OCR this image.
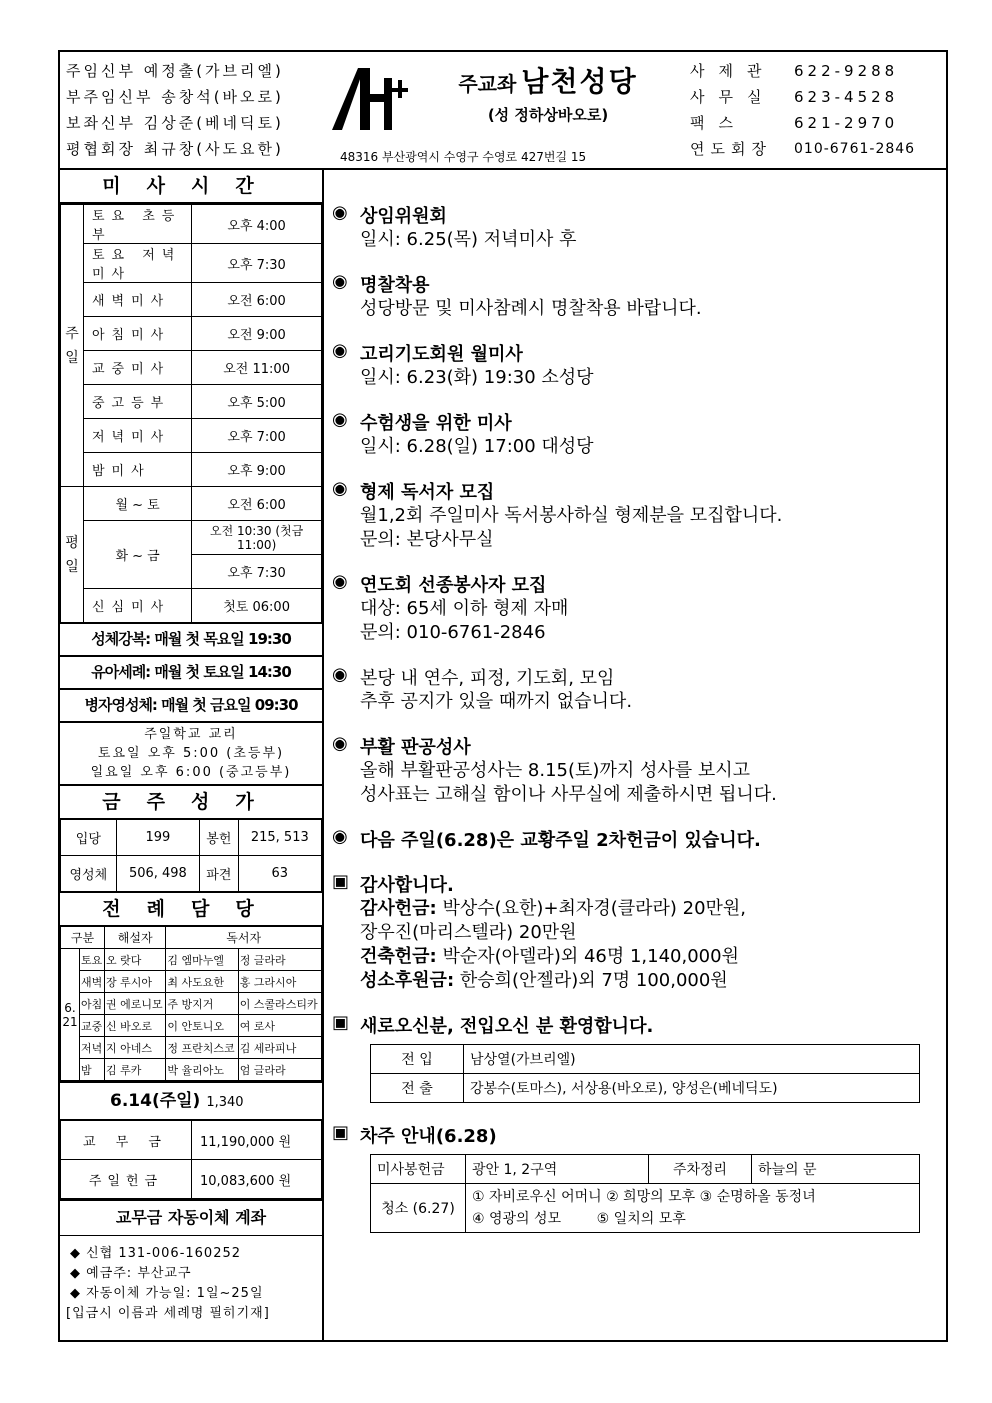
주임신부 예정출(가브리엘)
부주임신부 송창석(바오로)
보좌신부 김상준(베네딕토)
평협회장 최규창(사도요한)
주교좌 남천성당
(성 정하상바오로)
48316 부산광역시 수영구 수영로 427번길 15
사제관	622-9288
사무실	623-4528
팩스	621-2970
연도회장	010-6761-2846
미사시간
주일	토요 초등부	오후 4:00
	토요 저녁미사	오후 7:30
	새벽미사	오전 6:00
	아침미사	오전 9:00
	교중미사	오전 11:00
	중고등부	오후 5:00
	저녁미사	오후 7:00
	밤미사	오후 9:00
평일	월 ~ 토	오전 6:00
	화 ~ 금	오전 10:30 (첫금 11:00)
		오후 7:30
	신심미사	첫토 06:00
성체강복: 매월 첫 목요일 19:30
유아세례: 매월 첫 토요일 14:30
병자영성체: 매월 첫 금요일 09:30
주일학교 교리
토요일 오후 5:00 (초등부)
일요일 오후 6:00 (중고등부)
금주성가
입당	199	봉헌	215, 513
영성체	506, 498	파견	63
전례담당
구분		해설자	독서자	
6. 21	토요	오 랏다	김 엠마누엘	정 글라라
	새벽	장 루시아	최 사도요한	홍 그라시아
	아침	권 에로니모	주 방지거	이 스콜라스티카
	교중	신 바오로	이 안토니오	여 로사
	저녁	지 아네스	정 프란치스코	김 세라피나
	밤	김 루카	박 율리아노	엄 글라라
6.14(주일) 1,340
교 무 금	11,190,000 원
주일헌금	10,083,600 원
교무금 자동이체 계좌
◆ 신협 131-006-160252
◆ 예금주: 부산교구
◆ 자동이체 가능일: 1일~25일
[입금시 이름과 세례명 필히기재]
◉ 상임위원회
일시: 6.25(목) 저녁미사 후
◉ 명찰착용
성당방문 및 미사참례시 명찰착용 바랍니다.
◉ 고리기도회원 월미사
일시: 6.23(화) 19:30 소성당
◉ 수험생을 위한 미사
일시: 6.28(일) 17:00 대성당
◉ 형제 독서자 모집
월1,2회 주일미사 독서봉사하실 형제분을 모집합니다.
문의: 본당사무실
◉ 연도회 선종봉사자 모집
대상: 65세 이하 형제 자매
문의: 010-6761-2846
◉ 본당 내 연수, 피정, 기도회, 모임
추후 공지가 있을 때까지 없습니다.
◉ 부활 판공성사
올해 부활판공성사는 8.15(토)까지 성사를 보시고
성사표는 고해실 함이나 사무실에 제출하시면 됩니다.
◉ 다음 주일(6.28)은 교황주일 2차헌금이 있습니다.
▣ 감사합니다.
감사헌금: 박상수(요한)+최자경(클라라) 20만원,
장우진(마리스텔라) 20만원
건축헌금: 박순자(아델라)외 46명 1,140,000원
성소후원금: 한승희(안젤라)외 7명 100,000원
▣ 새로오신분, 전입오신 분 환영합니다.
전 입	남상열(가브리엘)
전 출	강봉수(토마스), 서상용(바오로), 양성은(베네딕도)
▣ 차주 안내(6.28)
미사봉헌금	광안 1, 2구역	주차정리	하늘의 문
청소 (6.27)	① 자비로우신 어머니 ② 희망의 모후 ③ 순명하올 동정녀
④ 영광의 성모        ⑤ 일치의 모후		
